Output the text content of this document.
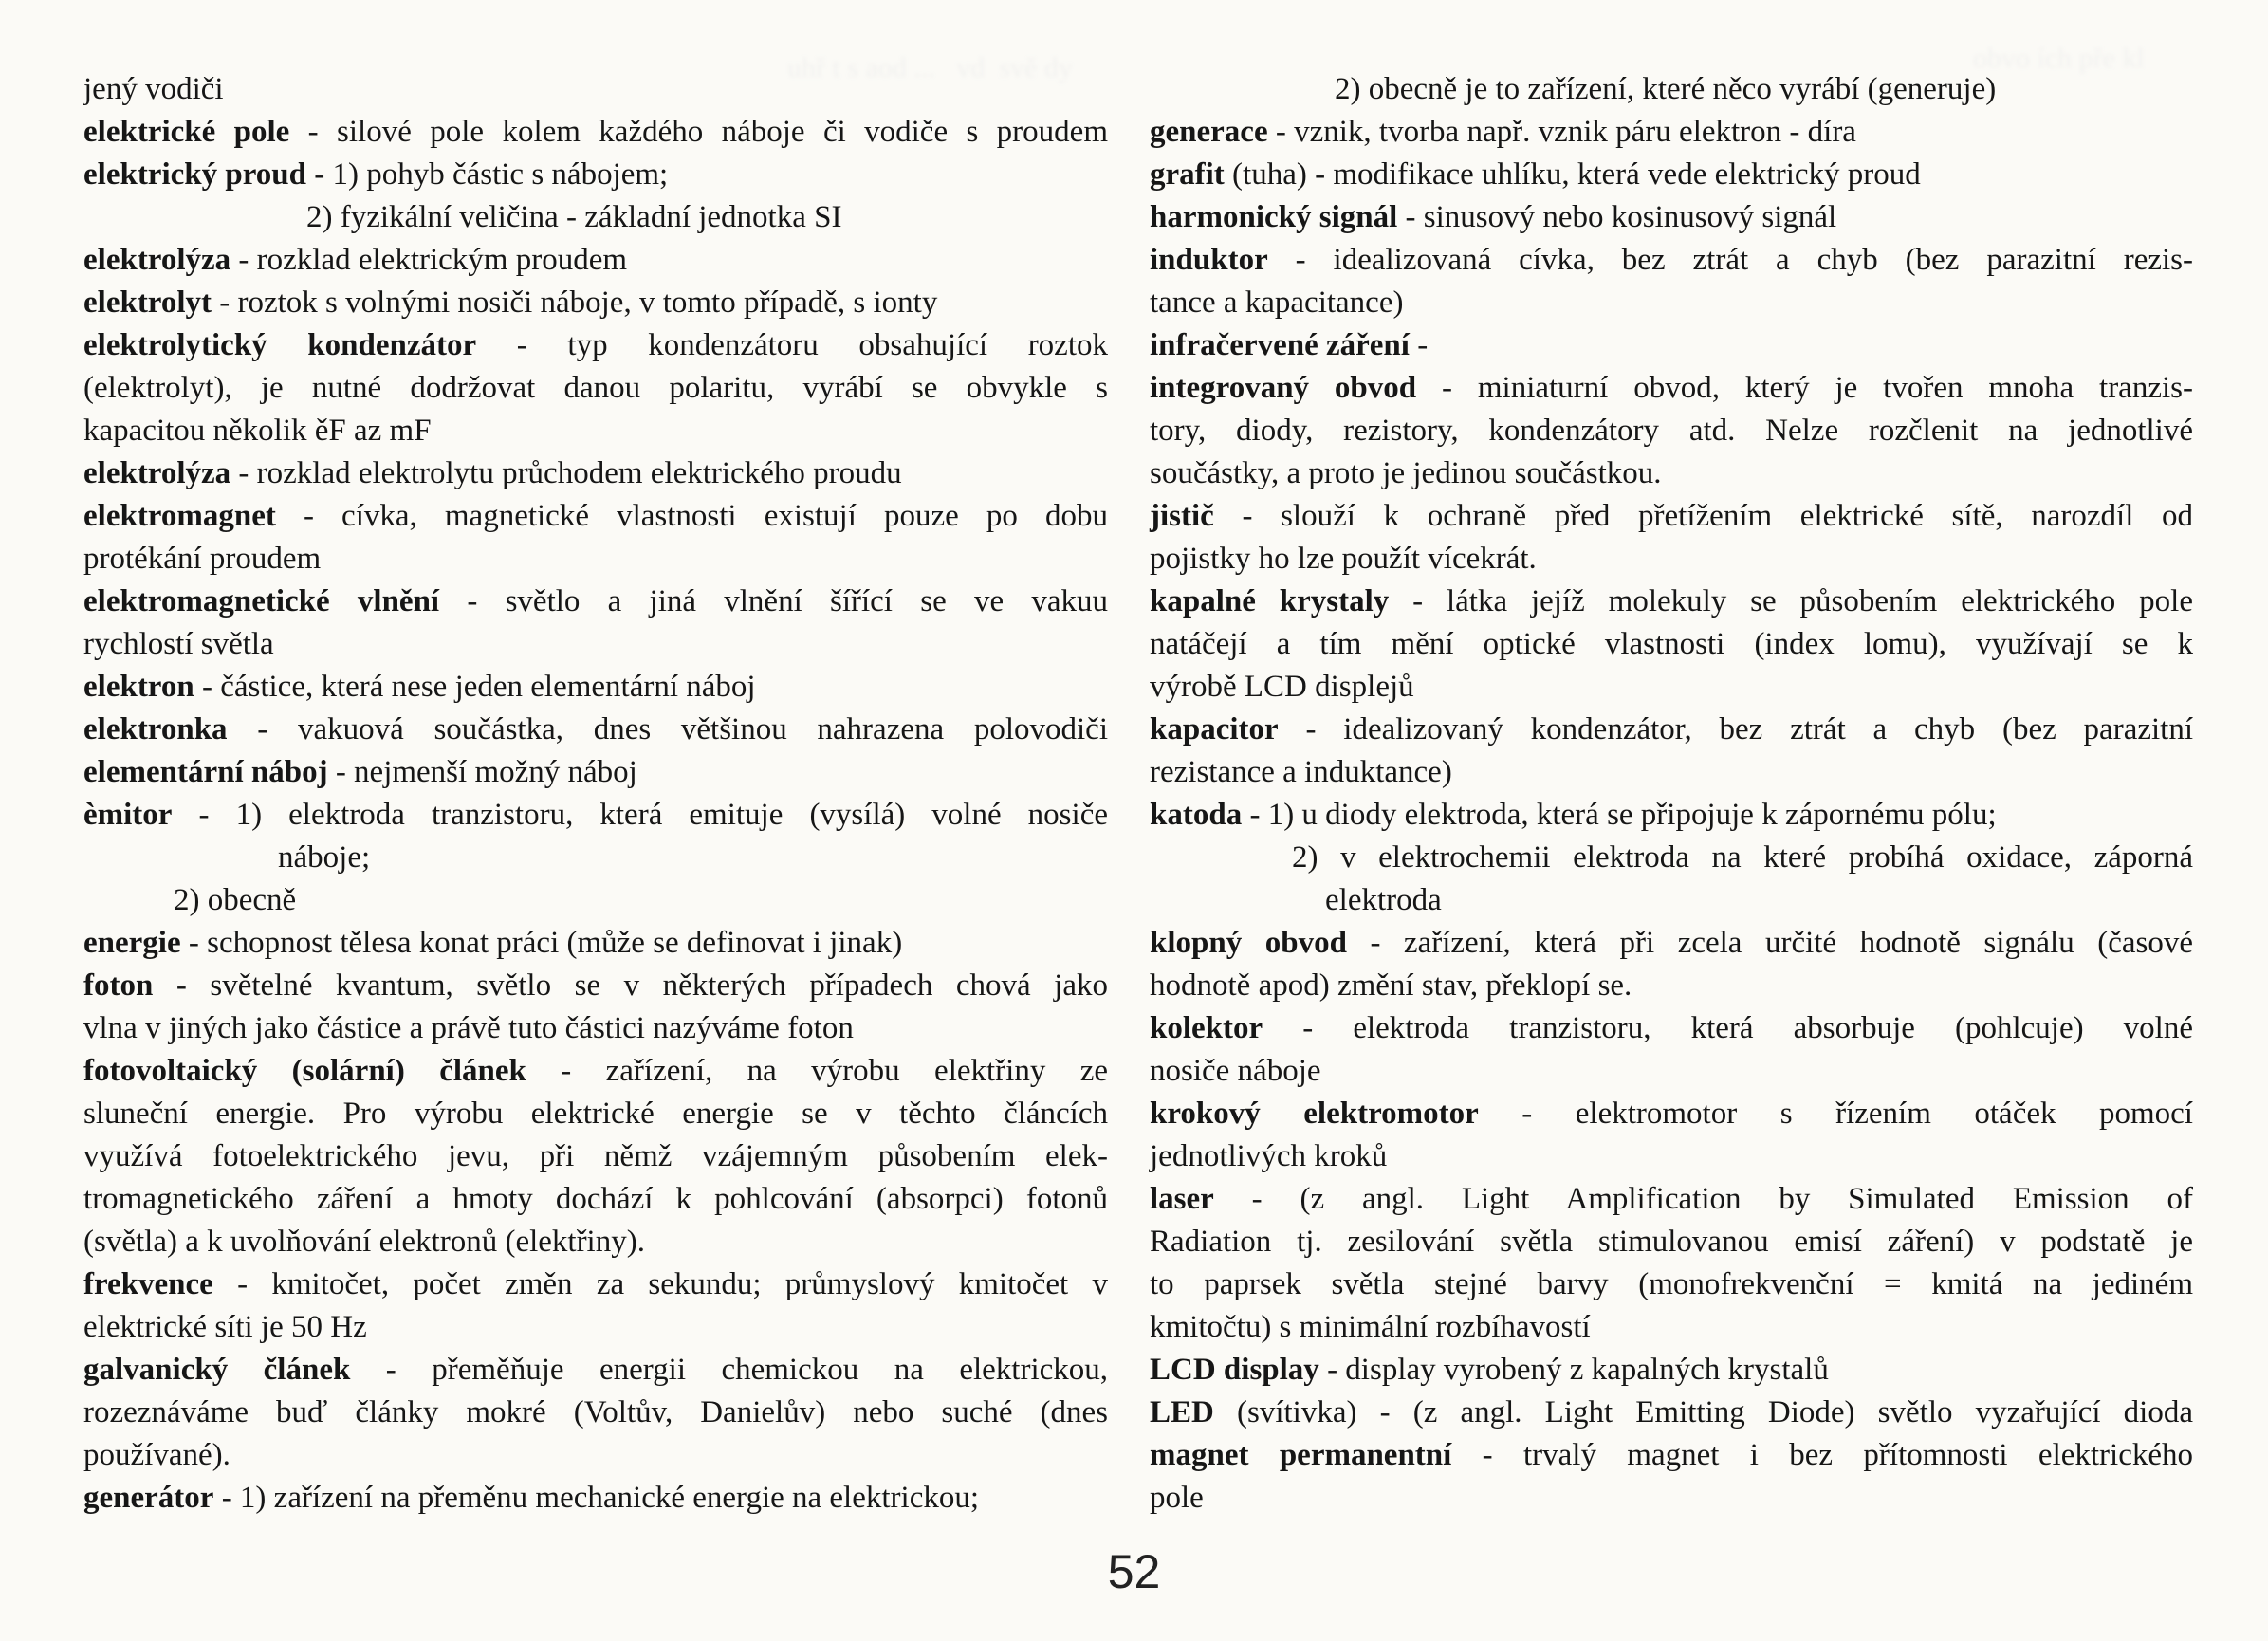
uhř t s aod ...   vd  svě dy	obvo ích pře kl
jený vodiči
elektrické pole - silové pole kolem každého náboje či vodiče s proudem
elektrický proud - 1) pohyb částic s nábojem;
2) fyzikální veličina - základní jednotka SI
elektrolýza - rozklad elektrickým proudem
elektrolyt - roztok s volnými nosiči náboje, v tomto případě, s ionty
elektrolytický kondenzátor - typ kondenzátoru obsahující roztok
(elektrolyt), je nutné dodržovat danou polaritu, vyrábí se obvykle s
kapacitou několik ěF az mF
elektrolýza - rozklad elektrolytu průchodem elektrického proudu
elektromagnet - cívka, magnetické vlastnosti existují pouze po dobu
protékání proudem
elektromagnetické vlnění - světlo a jiná vlnění šířící se ve vakuu
rychlostí světla
elektron - částice, která nese jeden elementární náboj
elektronka - vakuová součástka, dnes většinou nahrazena polovodiči
elementární náboj - nejmenší možný náboj
èmitor - 1) elektroda tranzistoru, která emituje (vysílá) volné nosiče
náboje;
2) obecně
energie - schopnost tělesa konat práci (může se definovat i jinak)
foton - světelné kvantum, světlo se v některých případech chová jako
vlna v jiných jako částice a právě tuto částici nazýváme foton
fotovoltaický (solární) článek - zařízení, na výrobu elektřiny ze
sluneční energie. Pro výrobu elektrické energie se v těchto článcích
využívá fotoelektrického jevu, při němž vzájemným působením elek-
tromagnetického záření a hmoty dochází k pohlcování (absorpci) fotonů
(světla) a k uvolňování elektronů (elektřiny).
frekvence - kmitočet, počet změn za sekundu; průmyslový kmitočet v
elektrické síti je 50 Hz
galvanický článek - přeměňuje energii chemickou na elektrickou,
rozeznáváme buď články mokré (Voltův, Danielův) nebo suché (dnes
používané).
generátor - 1) zařízení na přeměnu mechanické energie na elektrickou;
2) obecně je to zařízení, které něco vyrábí (generuje)
generace - vznik, tvorba např. vznik páru elektron - díra
grafit (tuha) - modifikace uhlíku, která vede elektrický proud
harmonický signál - sinusový nebo kosinusový signál
induktor - idealizovaná cívka, bez ztrát a chyb (bez parazitní rezis-
tance a kapacitance)
infračervené záření -
integrovaný obvod - miniaturní obvod, který je tvořen mnoha tranzis-
tory, diody, rezistory, kondenzátory atd. Nelze rozčlenit na jednotlivé
součástky, a proto je jedinou součástkou.
jistič - slouží k ochraně před přetížením elektrické sítě, narozdíl od
pojistky ho lze použít vícekrát.
kapalné krystaly - látka jejíž molekuly se působením elektrického pole
natáčejí a tím mění optické vlastnosti (index lomu), využívají se k
výrobě LCD displejů
kapacitor - idealizovaný kondenzátor, bez ztrát a chyb (bez parazitní
rezistance a induktance)
katoda - 1) u diody elektroda, která se připojuje k zápornému pólu;
2) v elektrochemii elektroda na které probíhá oxidace, záporná
elektroda
klopný obvod - zařízení, která při zcela určité hodnotě signálu (časové
hodnotě apod) změní stav, překlopí se.
kolektor - elektroda tranzistoru, která absorbuje (pohlcuje) volné
nosiče náboje
krokový elektromotor - elektromotor s řízením otáček pomocí
jednotlivých kroků
laser - (z angl. Light Amplification by Simulated Emission of
Radiation tj. zesilování světla stimulovanou emisí záření) v podstatě je
to paprsek světla stejné barvy (monofrekvenční = kmitá na jediném
kmitočtu) s minimální rozbíhavostí
LCD display - display vyrobený z kapalných krystalů
LED (svítivka) - (z angl. Light Emitting Diode) světlo vyzařující dioda
magnet permanentní - trvalý magnet i bez přítomnosti elektrického
pole
52
